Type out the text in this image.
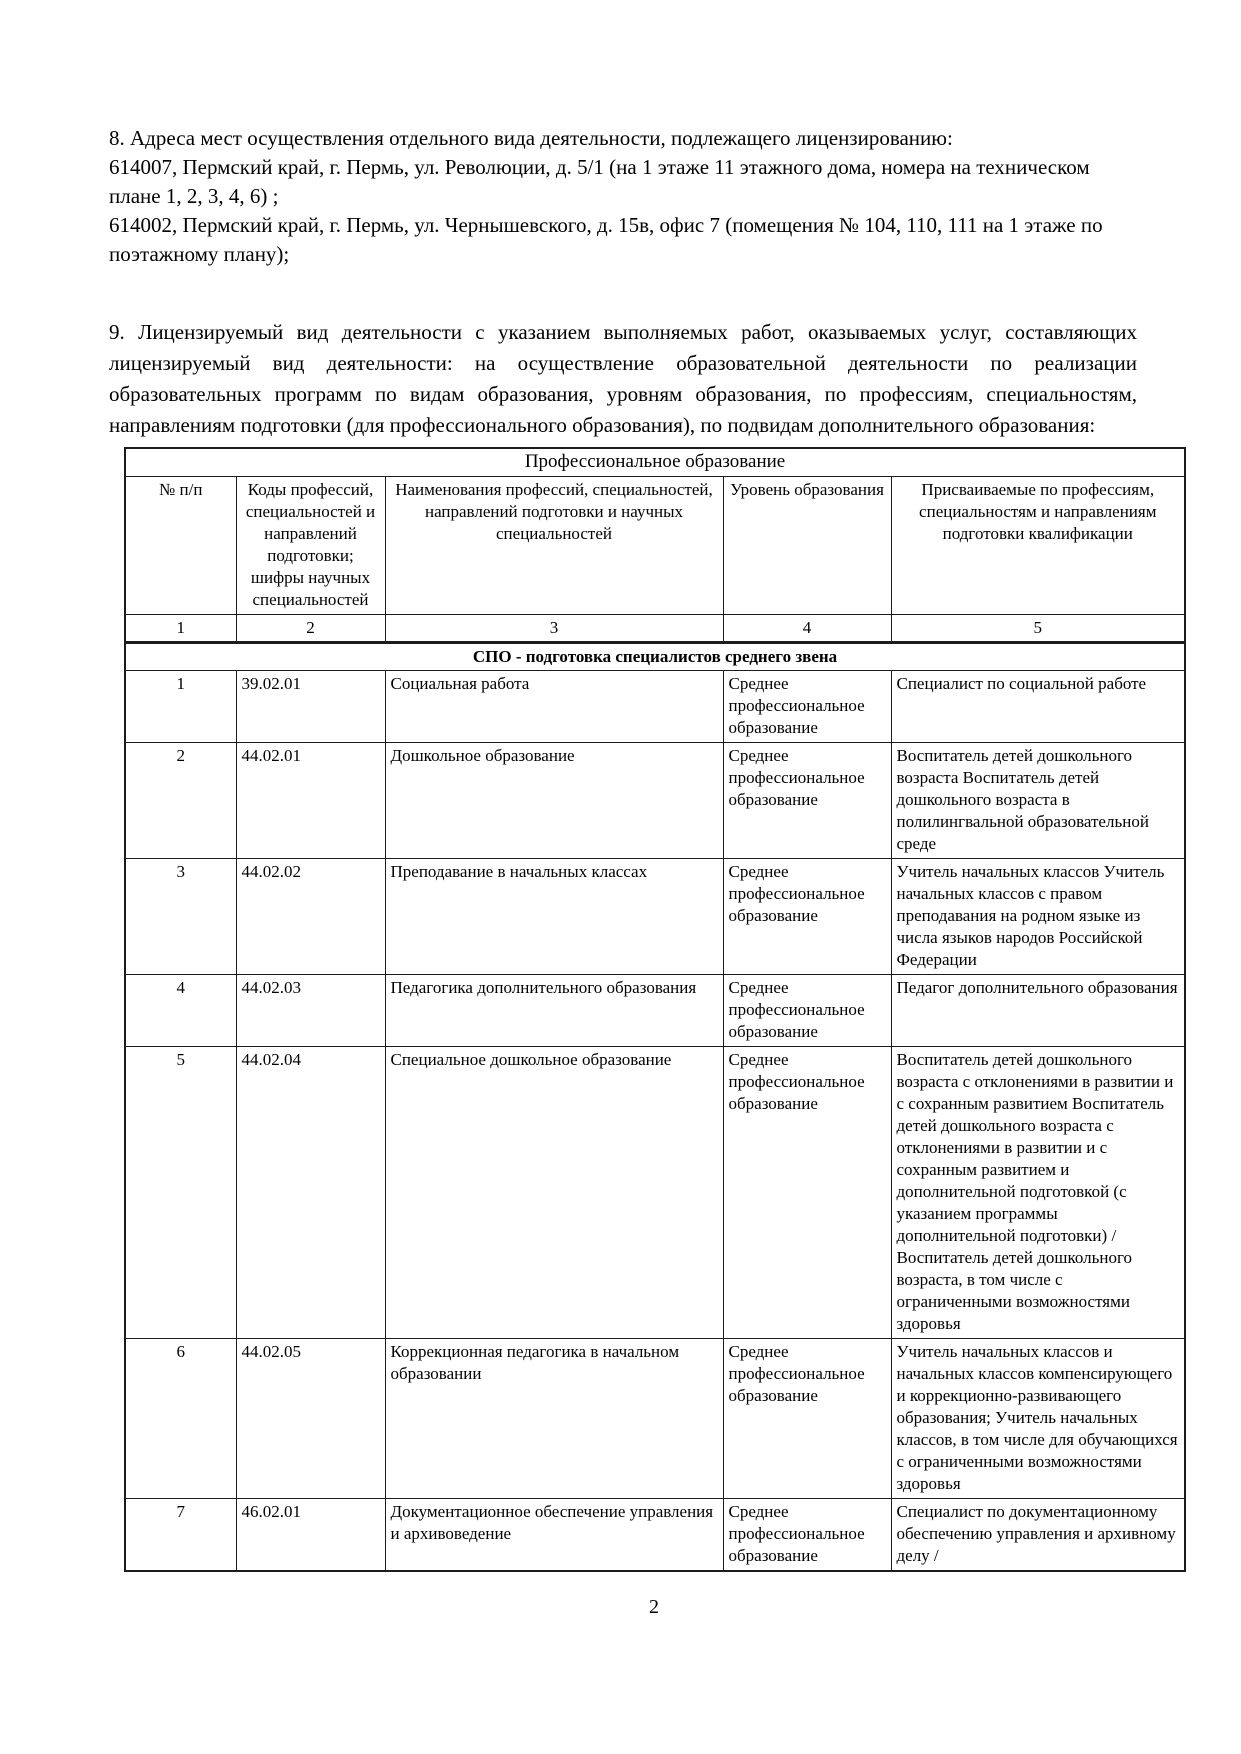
8. Адреса мест осуществления отдельного вида деятельности, подлежащего лицензированию:
614007, Пермский край, г. Пермь, ул. Революции, д. 5/1 (на 1 этаже 11 этажного дома, номера на техническом плане 1, 2, 3, 4, 6) ;
614002, Пермский край, г. Пермь, ул. Чернышевского, д. 15в, офис 7 (помещения № 104, 110, 111 на 1 этаже по поэтажному плану);
9. Лицензируемый вид деятельности с указанием выполняемых работ, оказываемых услуг, составляющих лицензируемый вид деятельности: на осуществление образовательной деятельности по реализации образовательных программ по видам образования, уровням образования, по профессиям, специальностям, направлениям подготовки (для профессионального образования), по подвидам дополнительного образования:
Профессиональное образование				
№ п/п	Коды профессий, специальностей и направлений подготовки; шифры научных специальностей	Наименования профессий, специальностей, направлений подготовки и научных специальностей	Уровень образования	Присваиваемые по профессиям, специальностям и направлениям подготовки квалификации
1	2	3	4	5
СПО - подготовка специалистов среднего звена				
1	39.02.01	Социальная работа	Среднее профессиональное образование	Специалист по социальной работе
2	44.02.01	Дошкольное образование	Среднее профессиональное образование	Воспитатель детей дошкольного возраста Воспитатель детей дошкольного возраста в полилингвальной образовательной среде
3	44.02.02	Преподавание в начальных классах	Среднее профессиональное образование	Учитель начальных классов Учитель начальных классов с правом преподавания на родном языке из числа языков народов Российской Федерации
4	44.02.03	Педагогика дополнительного образования	Среднее профессиональное образование	Педагог дополнительного образования
5	44.02.04	Специальное дошкольное образование	Среднее профессиональное образование	Воспитатель детей дошкольного возраста с отклонениями в развитии и с сохранным развитием Воспитатель детей дошкольного возраста с отклонениями в развитии и с сохранным развитием и дополнительной подготовкой (с указанием программы дополнительной подготовки) / Воспитатель детей дошкольного возраста, в том числе с ограниченными возможностями здоровья
6	44.02.05	Коррекционная педагогика в начальном образовании	Среднее профессиональное образование	Учитель начальных классов и начальных классов компенсирующего и коррекционно-развивающего образования; Учитель начальных классов, в том числе для обучающихся с ограниченными возможностями здоровья
7	46.02.01	Документационное обеспечение управления и архивоведение	Среднее профессиональное образование	Специалист по документационному обеспечению управления и архивному делу /
2
